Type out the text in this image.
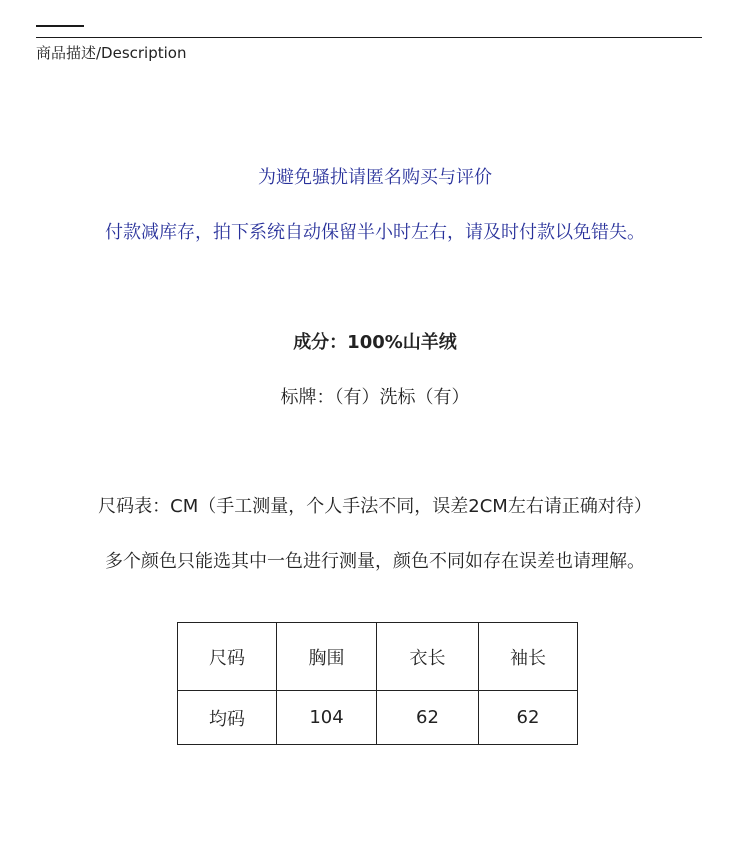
商品描述/Description
为避免骚扰请匿名购买与评价
付款减库存，拍下系统自动保留半小时左右，请及时付款以免错失。
成分：100%山羊绒
标牌：（有）洗标（有）
尺码表：CM（手工测量，个人手法不同，误差2CM左右请正确对待）
多个颜色只能选其中一色进行测量，颜色不同如存在误差也请理解。
尺码	胸围	衣长	袖长
均码	104	62	62
